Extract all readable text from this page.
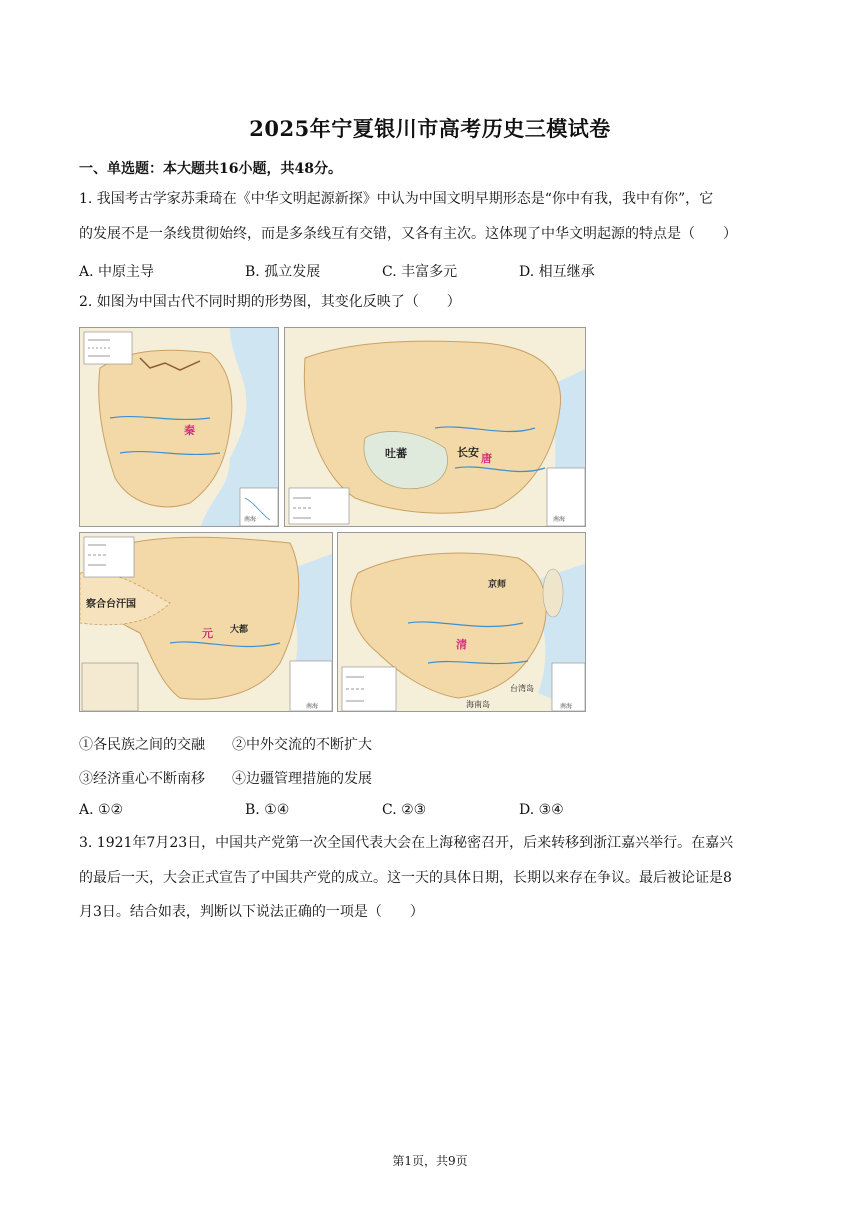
2025年宁夏银川市高考历史三模试卷
一、单选题：本大题共16小题，共48分。
1. 我国考古学家苏秉琦在《中华文明起源新探》中认为中国文明早期形态是“你中有我，我中有你”，它
的发展不是一条线贯彻始终，而是多条线互有交错，又各有主次。这体现了中华文明起源的特点是（　　）
A. 中原主导	B. 孤立发展	C. 丰富多元	D. 相互继承
2. 如图为中国古代不同时期的形势图，其变化反映了（　　）
秦
南海
吐蕃	长安 唐
南海
察合台汗国
大都
元
南海
京师
清
台湾岛
海南岛	南海
①各民族之间的交融 ②中外交流的不断扩大
③经济重心不断南移 ④边疆管理措施的发展
A. ①②	B. ①④	C. ②③	D. ③④
3. 1921年7月23日，中国共产党第一次全国代表大会在上海秘密召开，后来转移到浙江嘉兴举行。在嘉兴
的最后一天，大会正式宣告了中国共产党的成立。这一天的具体日期，长期以来存在争议。最后被论证是8
月3日。结合如表，判断以下说法正确的一项是（　　）
第1页，共9页
